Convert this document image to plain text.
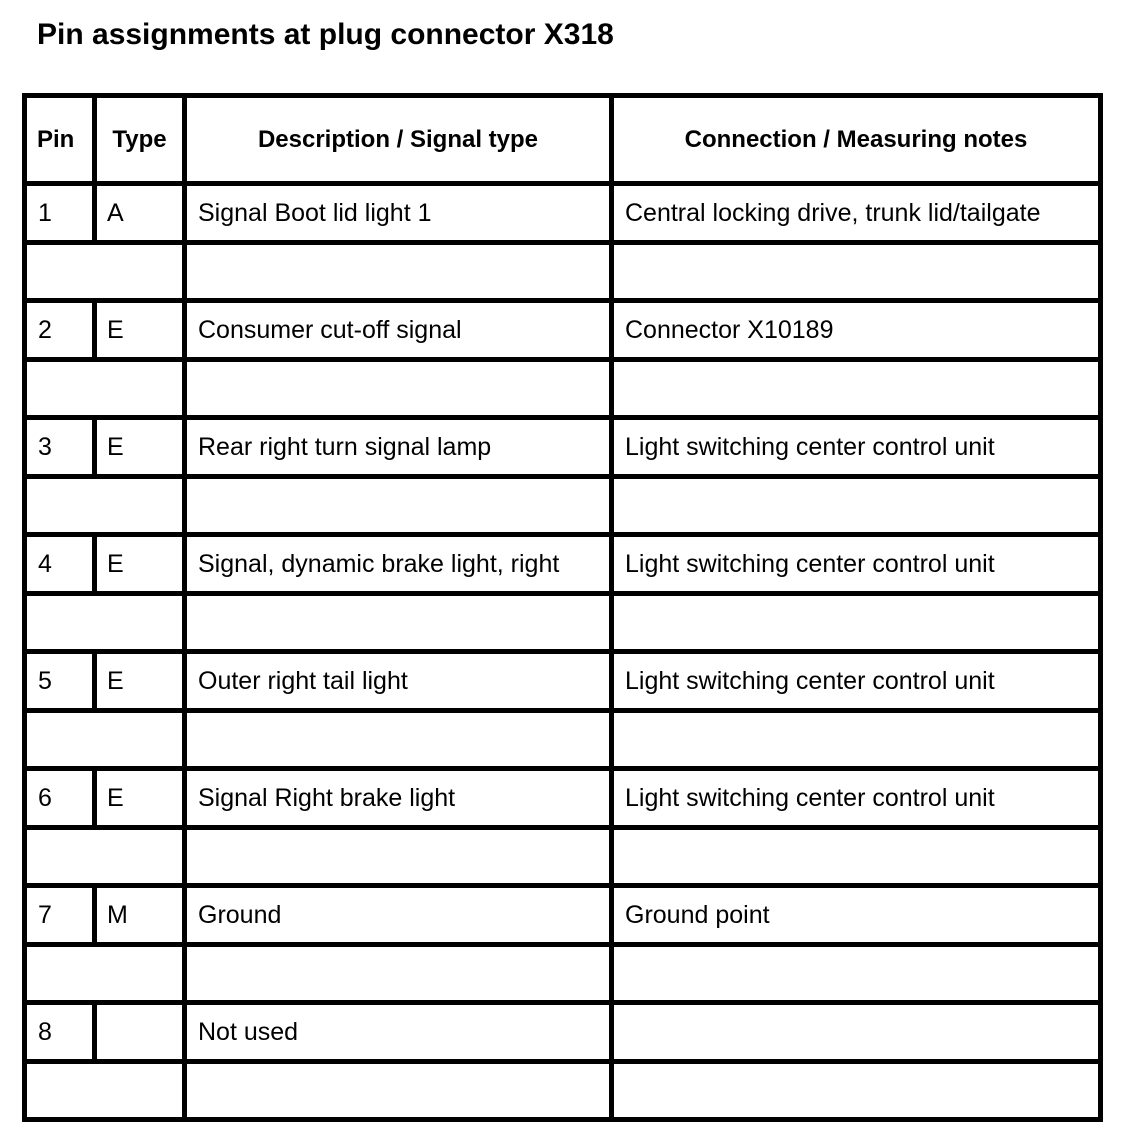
Pin assignments at plug connector X318
Pin	Type	Description / Signal type	Connection / Measuring notes
1	A	Signal Boot lid light 1	Central locking drive, trunk lid/tailgate

2	E	Consumer cut-off signal	Connector X10189

3	E	Rear right turn signal lamp	Light switching center control unit

4	E	Signal, dynamic brake light, right	Light switching center control unit

5	E	Outer right tail light	Light switching center control unit

6	E	Signal Right brake light	Light switching center control unit

7	M	Ground	Ground point

8		Not used	
